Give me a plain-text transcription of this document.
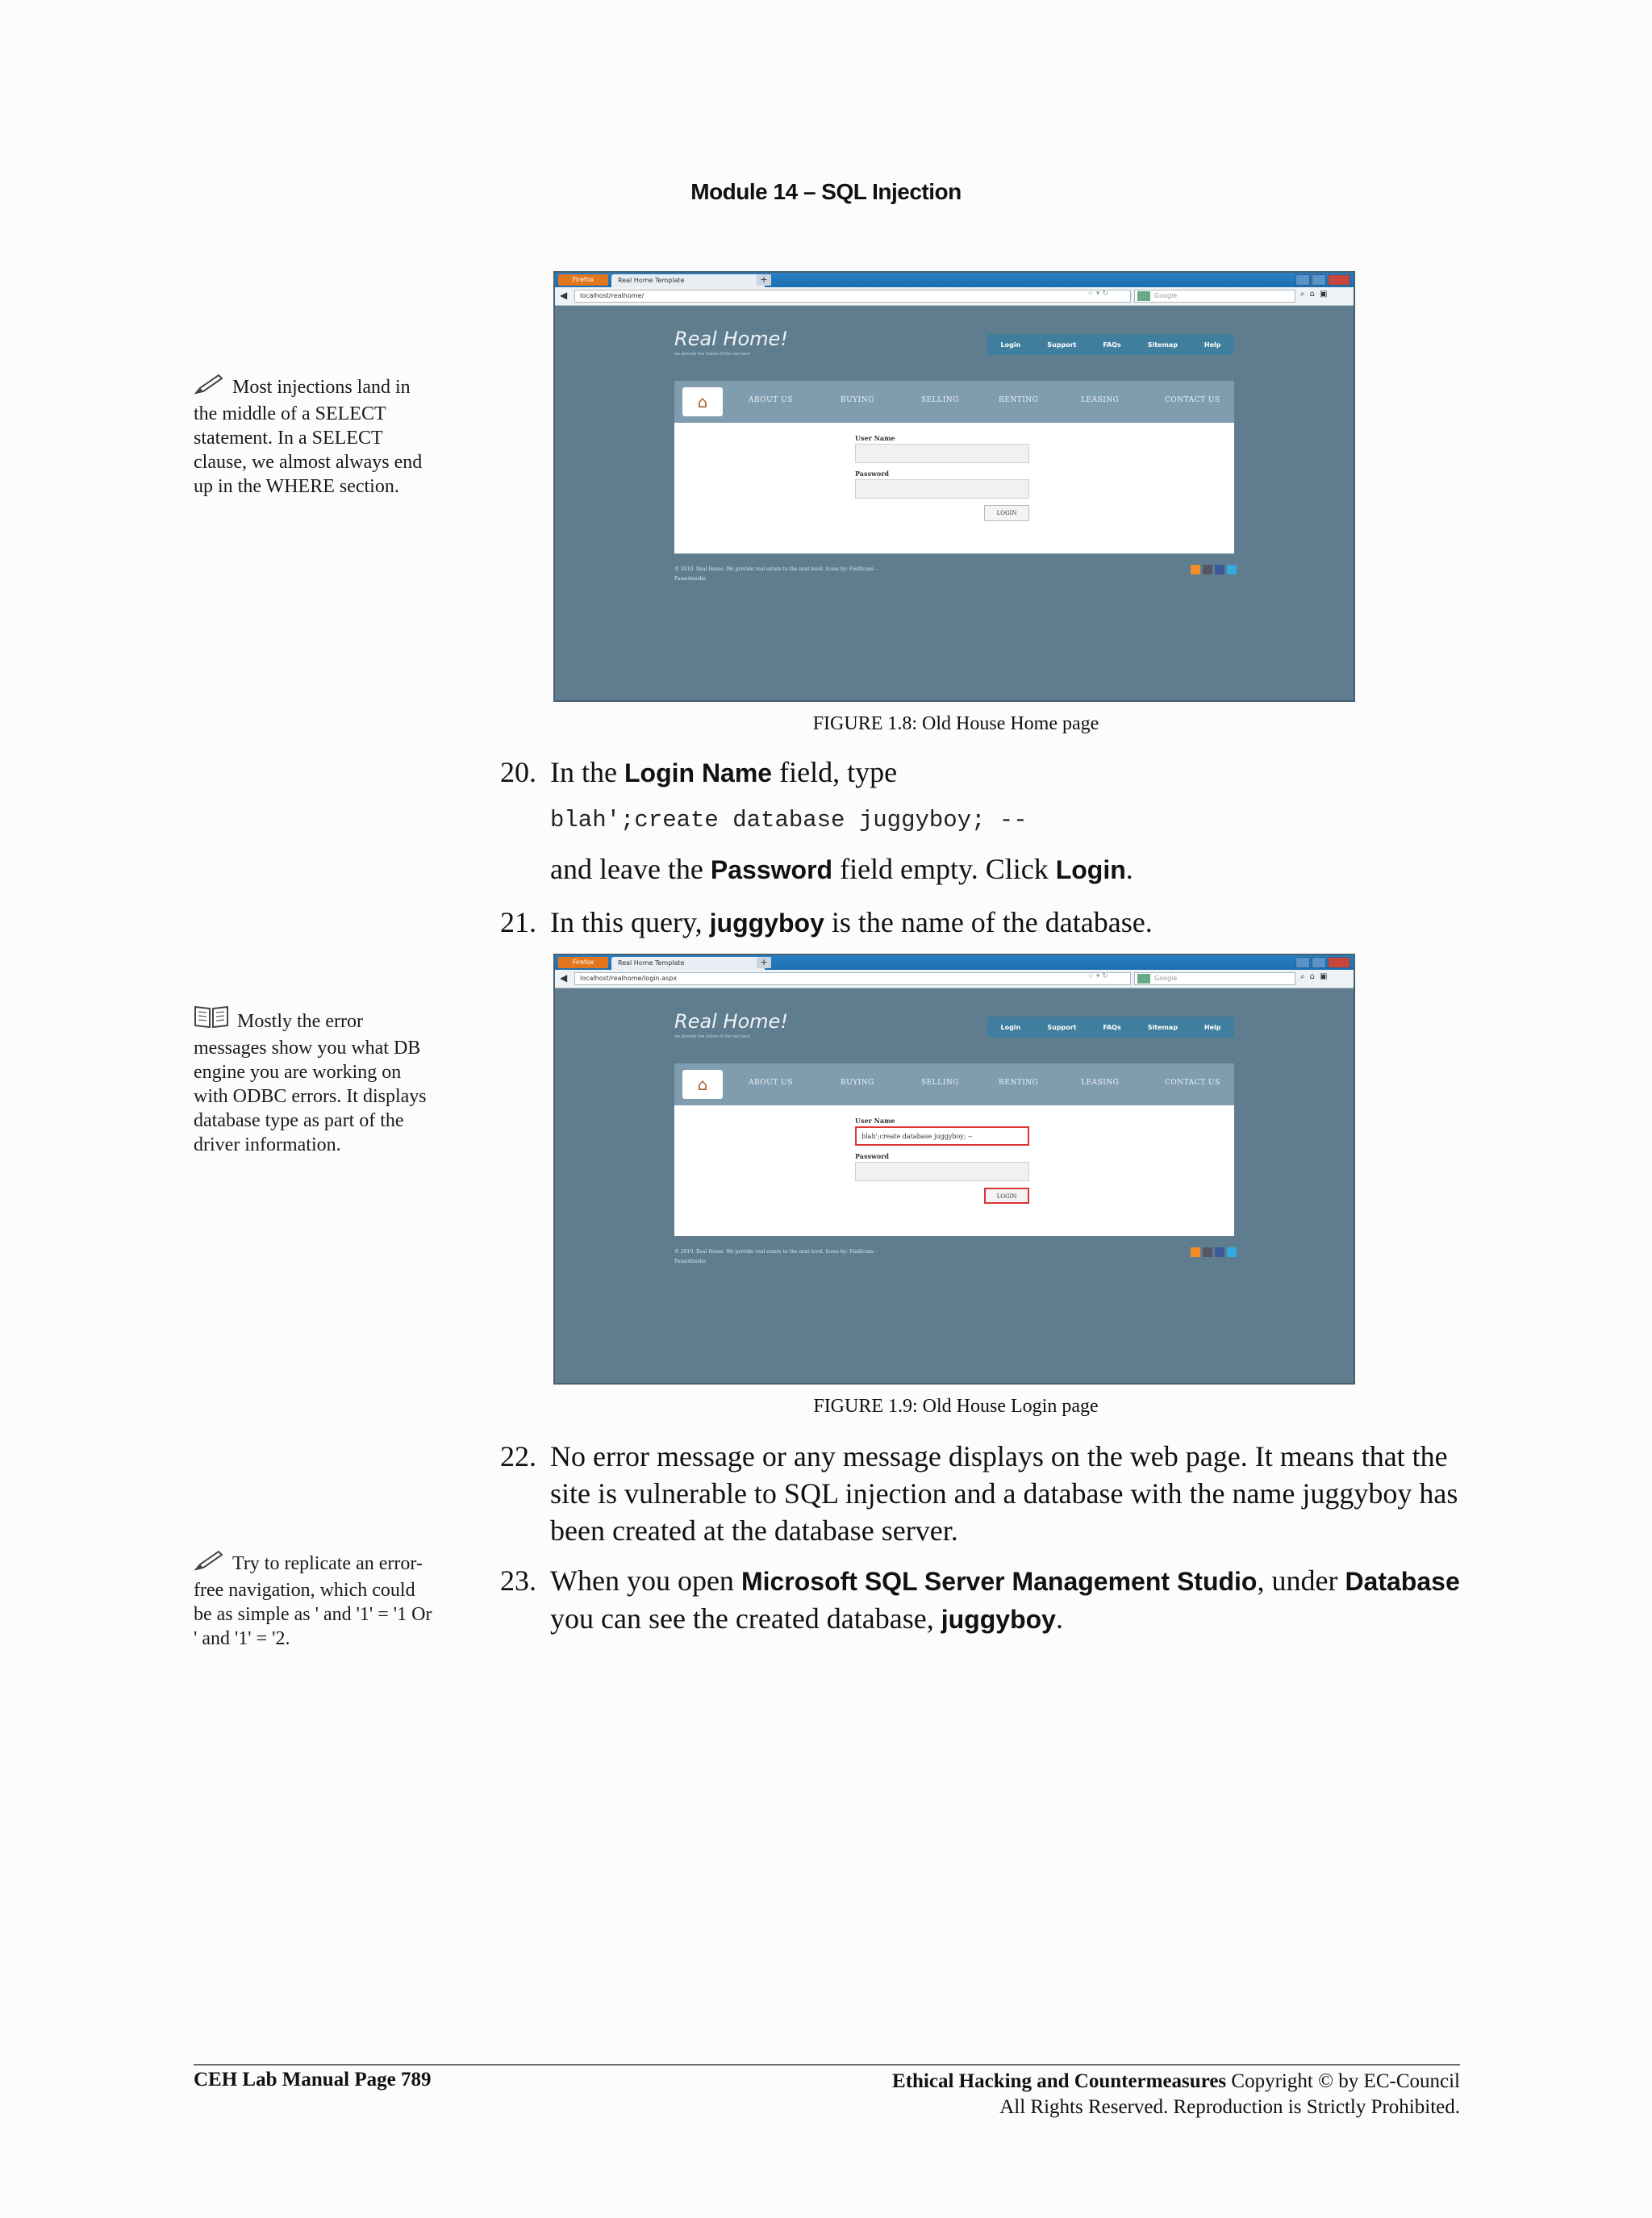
Module 14 – SQL Injection
Most injections land in the middle of a SELECT statement. In a SELECT clause, we almost always end up in the WHERE section.
Mostly the error messages show you what DB engine you are working on with ODBC errors. It displays database type as part of the driver information.
Try to replicate an error-free navigation, which could be as simple as ' and '1' = '1 Or ' and '1' = '2.
Firefox	Real Home Template	+
◀	localhost/realhome/	☆ ▾ ↻	Google	⌕⌂▣
Real Home!
we provide the future of the real land
Login	Support	FAQs	Sitemap	Help
⌂	ABOUT US	BUYING	SELLING	RENTING	LEASING	CONTACT US
User Name
Password
LOGIN
© 2010. Real Home. We provide real estate to the next level. Icons by: FindIcons -
Famedmedia
FIGURE 1.8: Old House Home page
20. In the Login Name field, type
blah';create database juggyboy; --
and leave the Password field empty. Click Login.
21. In this query, juggyboy is the name of the database.
Firefox	Real Home Template	+
◀	localhost/realhome/login.aspx	☆ ▾ ↻	Google	⌕⌂▣
Real Home!
we provide the future of the real land
Login	Support	FAQs	Sitemap	Help
⌂	ABOUT US	BUYING	SELLING	RENTING	LEASING	CONTACT US
User Name
blah';create database juggyboy; --
Password
LOGIN
© 2010. Real Home. We provide real estate to the next level. Icons by: FindIcons -
Famedmedia
FIGURE 1.9: Old House Login page
22. No error message or any message displays on the web page. It means that the site is vulnerable to SQL injection and a database with the name juggyboy has been created at the database server.
23. When you open Microsoft SQL Server Management Studio, under Database you can see the created database, juggyboy.
CEH Lab Manual Page 789	Ethical Hacking and Countermeasures Copyright © by EC-Council
All Rights Reserved. Reproduction is Strictly Prohibited.
